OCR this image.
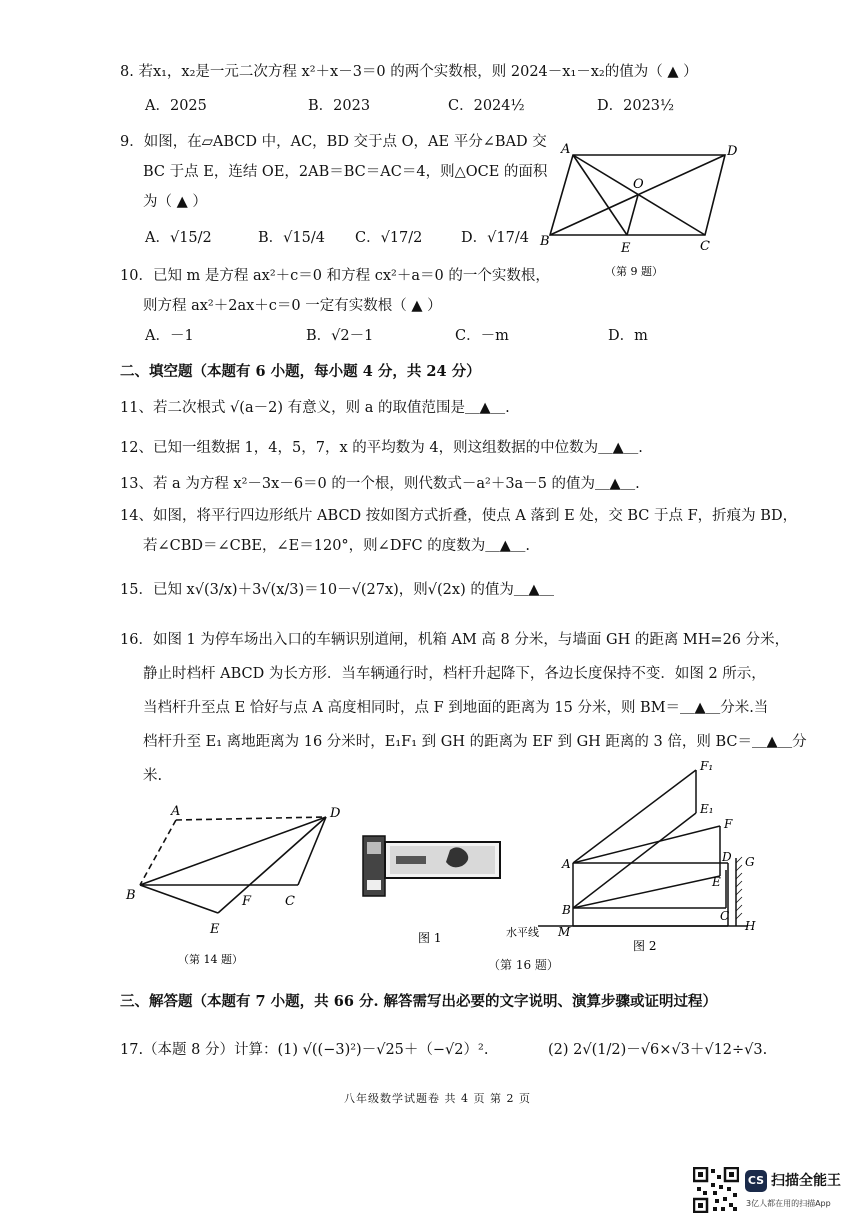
8. 若x₁，x₂是一元二次方程 x²＋x－3＝0 的两个实数根，则 2024－x₁－x₂的值为（ ▲ ）
A．2025	B．2023	C．2024½	D．2023½
9．如图，在▱ABCD 中，AC，BD 交于点 O，AE 平分∠BAD 交
BC 于点 E，连结 OE，2AB＝BC＝AC＝4，则△OCE 的面积
为（ ▲ ）
A．√15/2	B．√15/4 C．√17/2	D．√17/4
A	D
O
B	E	C
（第 9 题）
10．已知 m 是方程 ax²＋c＝0 和方程 cx²＋a＝0 的一个实数根，
则方程 ax²＋2ax＋c＝0 一定有实数根（ ▲ ）
A．－1	B．√2－1	C．－m	D．m
二、填空题（本题有 6 小题，每小题 4 分，共 24 分）
11、若二次根式 √(a－2) 有意义，则 a 的取值范围是＿▲＿.
12、已知一组数据 1，4，5，7，x 的平均数为 4，则这组数据的中位数为＿▲＿.
13、若 a 为方程 x²－3x－6＝0 的一个根，则代数式－a²＋3a－5 的值为＿▲＿.
14、如图，将平行四边形纸片 ABCD 按如图方式折叠，使点 A 落到 E 处，交 BC 于点 F，折痕为 BD，
若∠CBD＝∠CBE，∠E＝120°，则∠DFC 的度数为＿▲＿.
15．已知 x√(3/x)＋3√(x/3)＝10－√(27x)，则√(2x) 的值为＿▲＿
16．如图 1 为停车场出入口的车辆识别道闸，机箱 AM 高 8 分米，与墙面 GH 的距离 MH=26 分米，
静止时档杆 ABCD 为长方形．当车辆通行时，档杆升起降下，各边长度保持不变．如图 2 所示，
当档杆升至点 E 恰好与点 A 高度相同时，点 F 到地面的距离为 15 分米，则 BM＝＿▲＿分米.当
档杆升至 E₁ 离地距离为 16 分米时，E₁F₁ 到 GH 的距离为 EF 到 GH 距离的 3 倍，则 BC＝＿▲＿分
米.
A	D
B	F	C
E
（第 14 题）
图 1
F₁
E₁
F
A	D G
E
B	C
M	H
水平线
图 2
（第 16 题）
三、解答题（本题有 7 小题，共 66 分. 解答需写出必要的文字说明、演算步骤或证明过程）
17.（本题 8 分）计算：(1) √((−3)²)－√25＋（−√2）².	(2) 2√(1/2)－√6×√3＋√12÷√3.
八年级数学试题卷 共 4 页 第 2 页
CS 扫描全能王
3亿人都在用的扫描App
